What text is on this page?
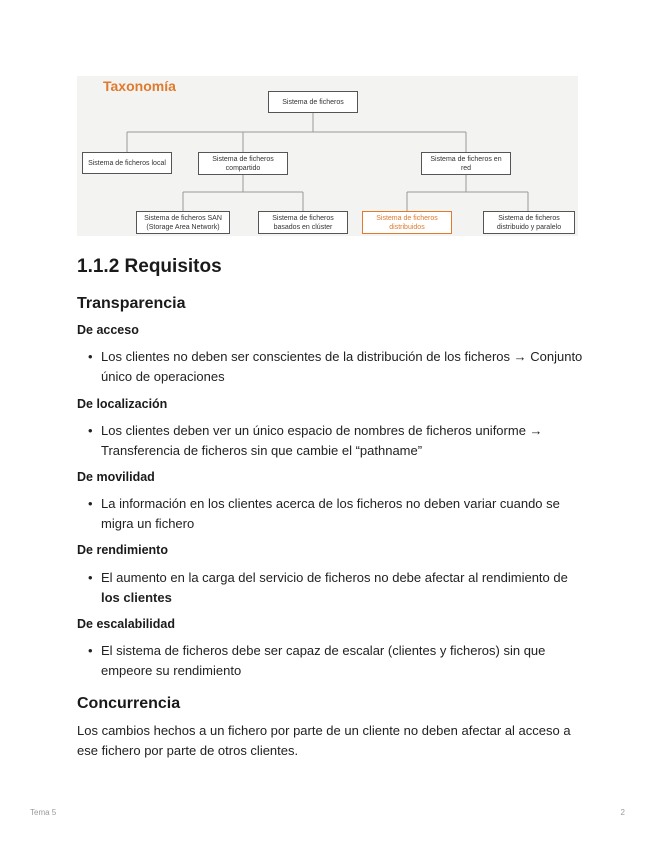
Taxonomía
Sistema de ficheros
Sistema de ficheros local
Sistema de ficheros compartido
Sistema de ficheros en red
Sistema de ficheros SAN (Storage Area Network)
Sistema de ficheros basados en clúster
Sistema de ficheros distribuidos
Sistema de ficheros distribuido y paralelo
1.1.2 Requisitos
Transparencia
De acceso
• Los clientes no deben ser conscientes de la distribución de los ficheros → Conjunto único de operaciones
De localización
• Los clientes deben ver un único espacio de nombres de ficheros uniforme → Transferencia de ficheros sin que cambie el “pathname”
De movilidad
• La información en los clientes acerca de los ficheros no deben variar cuando se migra un fichero
De rendimiento
• El aumento en la carga del servicio de ficheros no debe afectar al rendimiento de los clientes
De escalabilidad
• El sistema de ficheros debe ser capaz de escalar (clientes y ficheros) sin que empeore su rendimiento
Concurrencia
Los cambios hechos a un fichero por parte de un cliente no deben afectar al acceso a ese fichero por parte de otros clientes.
Tema 5	2
